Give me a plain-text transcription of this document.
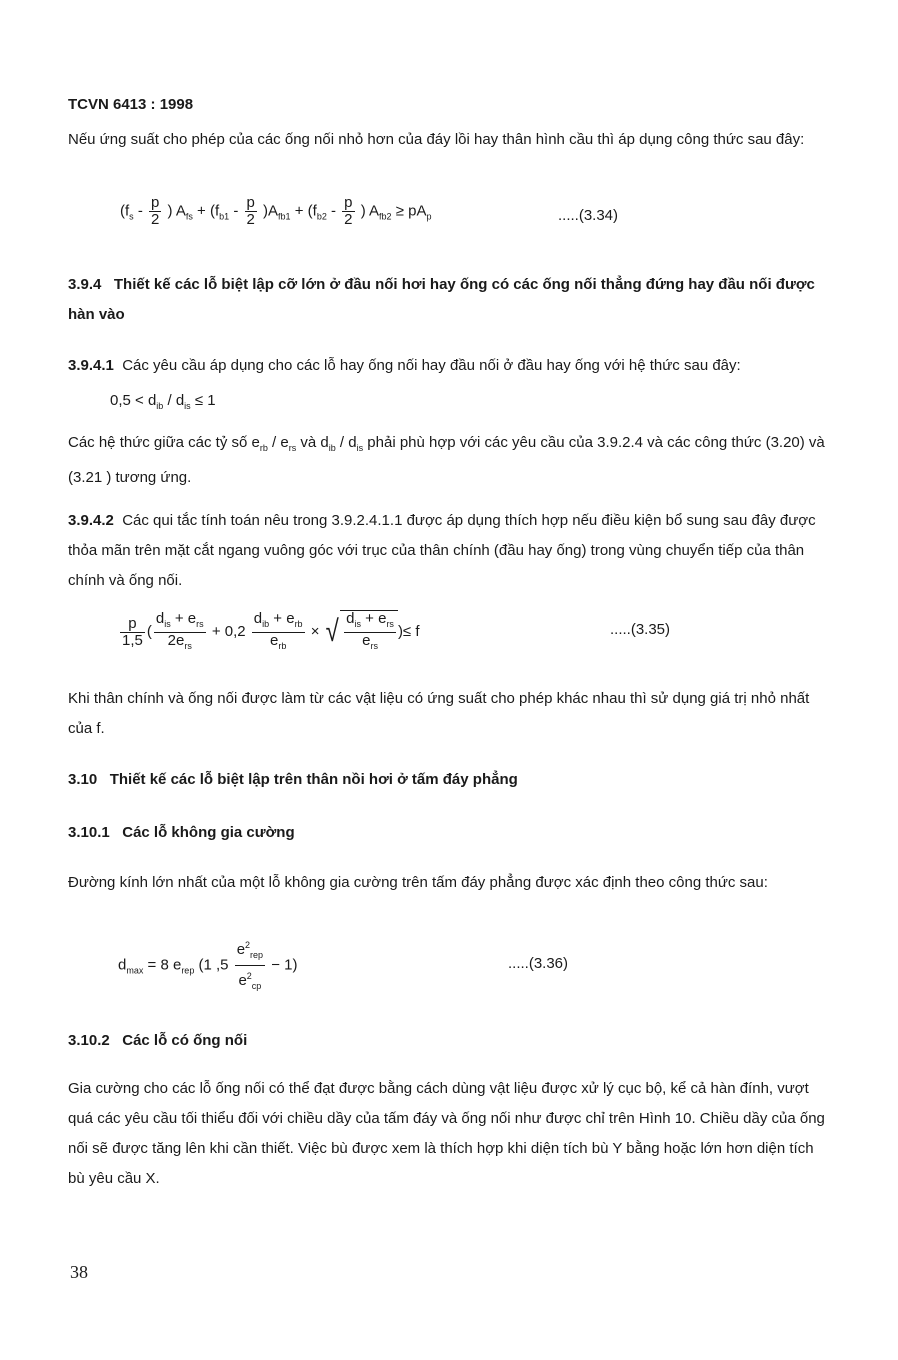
TCVN 6413 : 1998
Nếu ứng suất cho phép của các ống nối nhỏ hơn của đáy lồi hay thân hình cầu thì áp dụng công thức sau đây:
($f_s - \frac{p}{2}$ ) $A_{fs} + (f_{b1} - \frac{p}{2} )A_{fb1} + (f_{b2} - \frac{p}{2}$ ) $A_{fb2} \ge pA_p$	.....(3.34)
3.9.4 Thiết kế các lỗ biệt lập cỡ lớn ở đầu nối hơi hay ống có các ống nối thẳng đứng hay đầu nối được hàn vào
3.9.4.1 Các yêu cầu áp dụng cho các lỗ hay ống nối hay đầu nối ở đầu hay ống với hệ thức sau đây:
$0,5 < d_{ib} / d_{is} \le 1$
Các hệ thức giữa các tỷ số $e_{rb} / e_{rs}$ và $d_{ib} / d_{is}$ phải phù hợp với các yêu cầu của 3.9.2.4 và các công thức (3.20) và (3.21 ) tương ứng.
3.9.4.2 Các qui tắc tính toán nêu trong 3.9.2.4.1.1 được áp dụng thích hợp nếu điều kiện bổ sung sau đây được thỏa mãn trên mặt cắt ngang vuông góc với trục của thân chính (đầu hay ống) trong vùng chuyển tiếp của thân chính và ống nối.
$\frac{p}{1,5}$ ( $\frac{d_{is} + e_{rs}}{2e_{rs}} + 0,2 \frac{d_{ib} + e_{rb}}{e_{rb}}$ × √ $\frac{d_{is} + e_{rs}}{e_{rs}}$ )≤ f	.....(3.35)
Khi thân chính và ống nối được làm từ các vật liệu có ứng suất cho phép khác nhau thì sử dụng giá trị nhỏ nhất của f.
3.10 Thiết kế các lỗ biệt lập trên thân nồi hơi ở tấm đáy phẳng
3.10.1 Các lỗ không gia cường
Đường kính lớn nhất của một lỗ không gia cường trên tấm đáy phẳng được xác định theo công thức sau:
$d_{max} = 8$ $e_{rep}$ (1 $,5 \frac{e^2_{rep}}{e^2_{cp}} - 1$)	.....(3.36)
3.10.2 Các lỗ có ống nối
Gia cường cho các lỗ ống nối có thể đạt được bằng cách dùng vật liệu được xử lý cục bộ, kể cả hàn đính, vượt quá các yêu cầu tối thiểu đối với chiều dầy của tấm đáy và ống nối như được chỉ trên Hình 10. Chiều dầy của ống nối sẽ được tăng lên khi cần thiết. Việc bù được xem là thích hợp khi diện tích bù Y bằng hoặc lớn hơn diện tích bù yêu cầu X.
38
